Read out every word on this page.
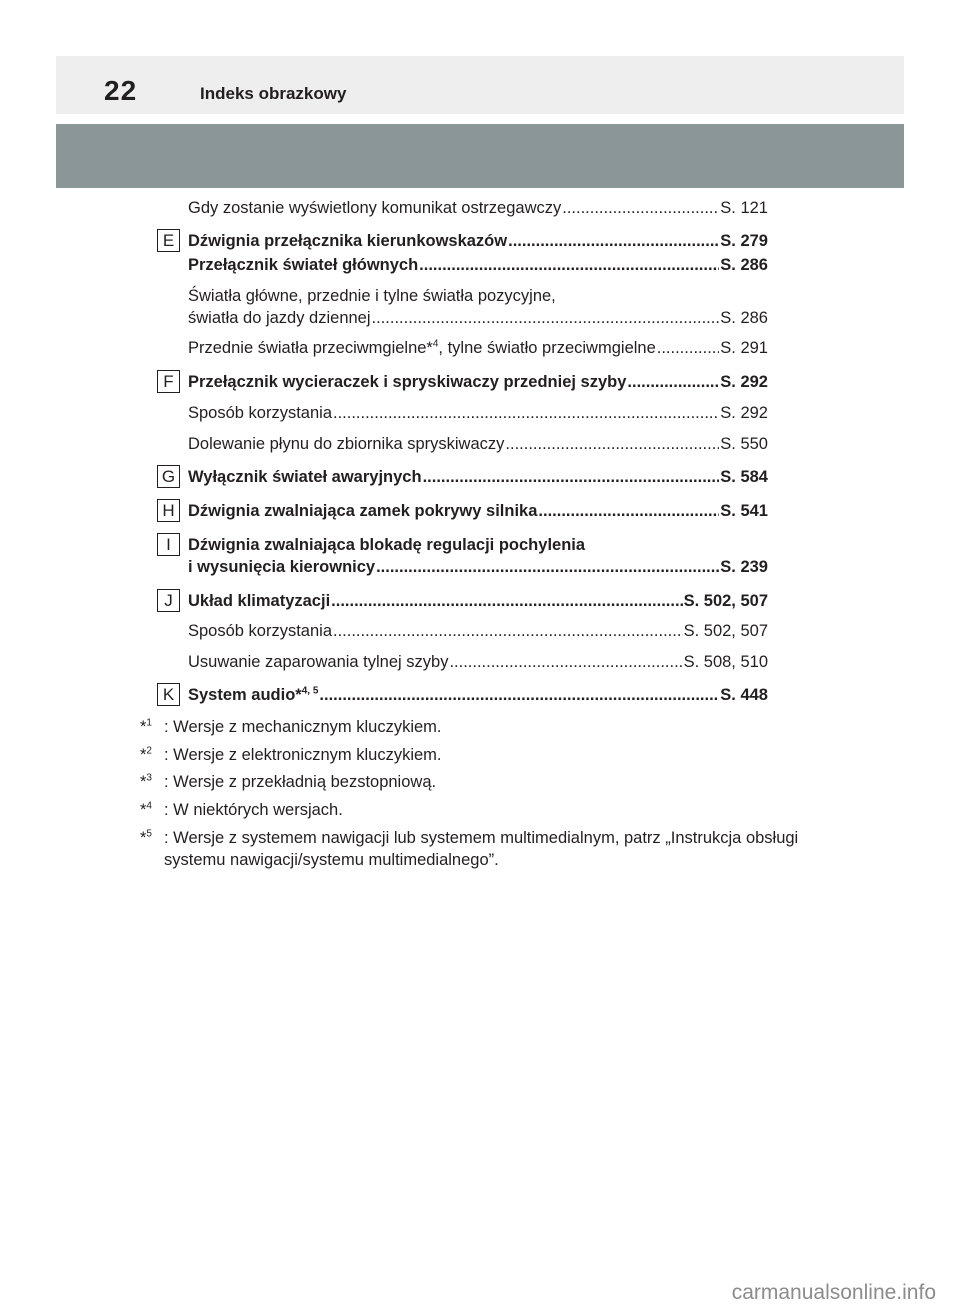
22	Indeks obrazkowy
Gdy zostanie wyświetlony komunikat ostrzegawczy .....	S. 121
E Dźwignia przełącznika kierunkowskazów .....	S. 279
Przełącznik świateł głównych .....	S. 286
Światła główne, przednie i tylne światła pozycyjne,
światła do jazdy dziennej .....	S. 286
Przednie światła przeciwmgielne*$^4$, tylne światło przeciwmgielne .....	S. 291
F Przełącznik wycieraczek i spryskiwaczy przedniej szyby .....	S. 292
Sposób korzystania .....	S. 292
Dolewanie płynu do zbiornika spryskiwaczy .....	S. 550
G Wyłącznik świateł awaryjnych .....	S. 584
H Dźwignia zwalniająca zamek pokrywy silnika .....	S. 541
I	Dźwignia zwalniająca blokadę regulacji pochylenia
i wysunięcia kierownicy .....	S. 239
J Układ klimatyzacji .....	S. 502, 507
Sposób korzystania .....	S. 502, 507
Usuwanie zaparowania tylnej szyby .....	S. 508, 510
K System audio*$^{4, 5}$ .....	S. 448
*$^1$ : Wersje z mechanicznym kluczykiem.
*$^2$ : Wersje z elektronicznym kluczykiem.
*$^3$ : Wersje z przekładnią bezstopniową.
*$^4$ : W niektórych wersjach.
*$^5$ : Wersje z systemem nawigacji lub systemem multimedialnym, patrz „Instrukcja obsługi systemu nawigacji/systemu multimedialnego”.
carmanualsonline.info
